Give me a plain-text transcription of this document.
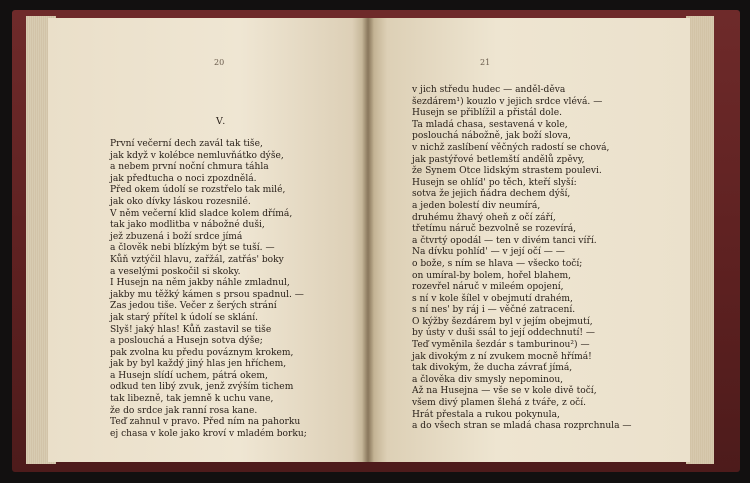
20
V.
První večerní dech zavál tak tiše,
jak když v kolébce nemluvňátko dýše,
a nebem první noční chmura táhla
jak předtucha o noci zpozdnělá.
Před okem údolí se rozstřelo tak milé,
jak oko dívky láskou rozesnilé.
V něm večerní klid sladce kolem dřímá,
tak jako modlitba v nábožné duši,
jež zbuzená i boží srdce jímá
a člověk nebi blízkým být se tuší. —
Kůň vztýčil hlavu, zařžál, zatřás' boky
a veselými poskočil si skoky.
I Husejn na něm jakby náhle zmladnul,
jakby mu těžký kámen s prsou spadnul. —
Zas jedou tiše. Večer z šerých strání
jak starý přítel k údolí se sklání.
Slyš! jaký hlas! Kůň zastavil se tiše
a poslouchá a Husejn sotva dýše;
pak zvolna ku předu pováznym krokem,
jak by byl každý jiný hlas jen hříchem,
a Husejn slídí uchem, pátrá okem,
odkud ten libý zvuk, jenž zvýším tichem
tak libezně, tak jemně k uchu vane,
že do srdce jak ranní rosa kane.
Teď zahnul v pravo. Před ním na pahorku
ej chasa v kole jako kroví v mladém borku;
21
v jich středu hudec — anděl-děva
šezdárem¹) kouzlo v jejich srdce vlévá. —
Husejn se přiblížil a přistál dole.
Ta mladá chasa, sestavená v kole,
poslouchá nábožně, jak boží slova,
v nichž zaslíbení věčných radostí se chová,
jak pastýřové betlemští andělů zpěvy,
že Synem Otce lidským strastem poulevi.
Husejn se ohlíd' po těch, kteří slyší:
sotva že jejich ňádra dechem dýší,
a jeden bolestí div neumírá,
druhému žhavý oheň z očí září,
třetímu náruč bezvolně se rozevírá,
a čtvrtý opodál — ten v divém tanci víří.
Na dívku pohlíd' — v její očí — —
o bože, s ním se hlava — všecko točí;
on umíral-by bolem, hořel blahem,
rozevřel náruč v mileém opojení,
s ní v kole šílel v obejmutí drahém,
s ní nes' by ráj i — věčné zatracení.
O kýžby šezdárem byl v jejím obejmutí,
by ústy v duši ssál to její oddechnutí! —
Teď vyměnila šezdár s tamburinou²) —
jak divokým z ní zvukem mocně hřímá!
tak divokým, že ducha závrať jímá,
a člověka div smysly nepominou,
Až na Husejna — vše se v kole divě točí,
všem divý plamen šlehá z tváře, z očí.
Hrát přestala a rukou pokynula,
a do všech stran se mladá chasa rozprchnula —
